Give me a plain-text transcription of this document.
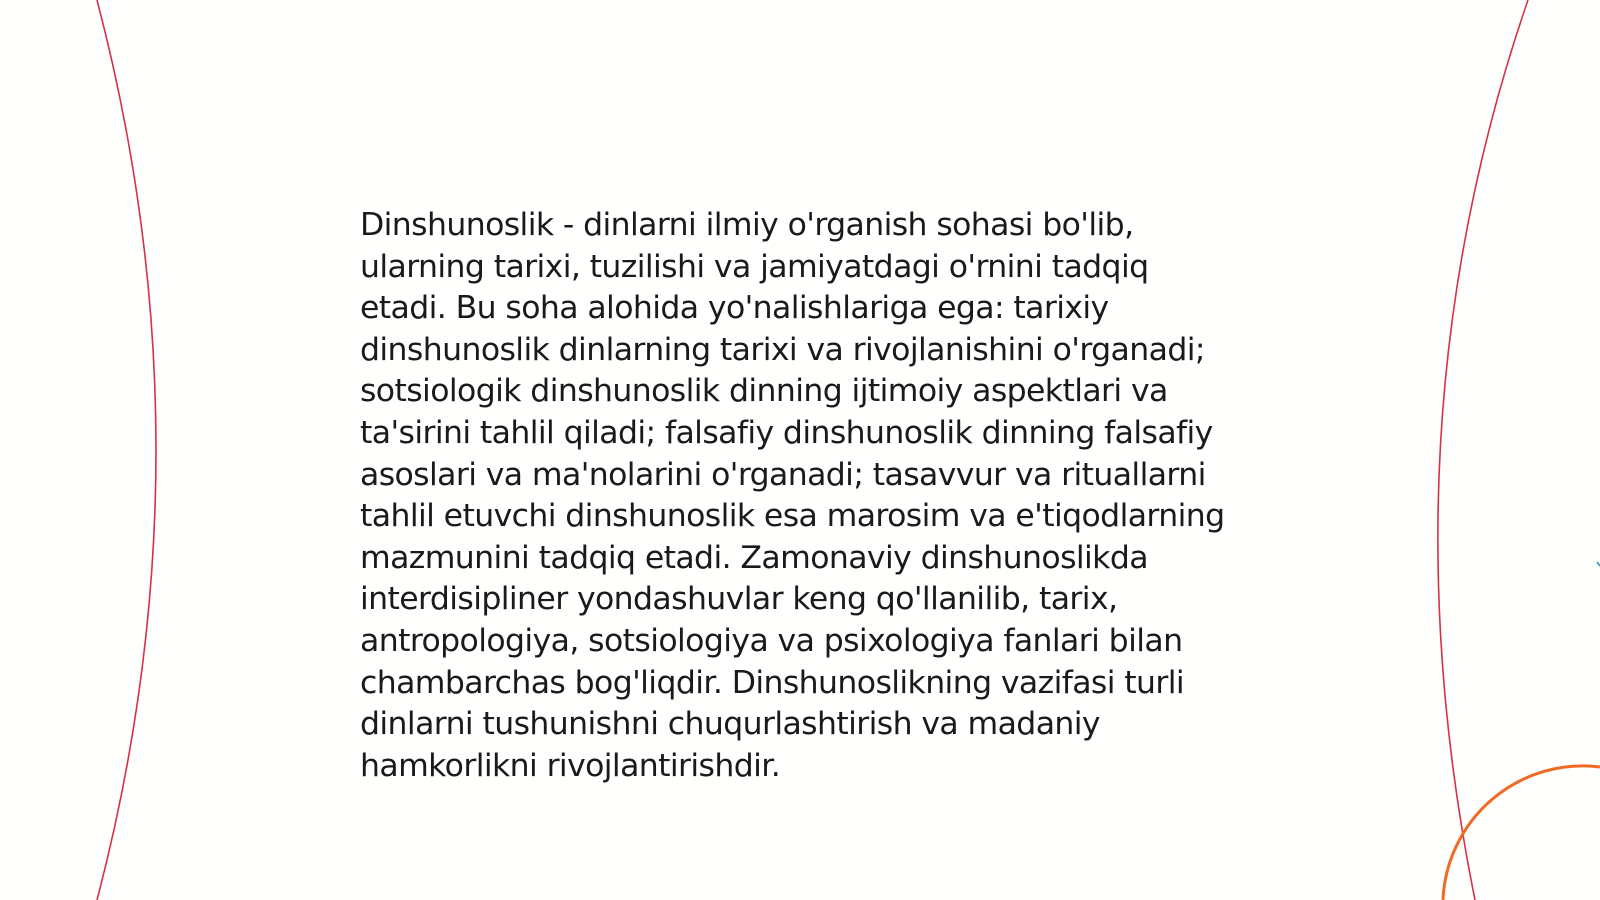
Dinshunoslik - dinlarni ilmiy o'rganish sohasi bo'lib, ularning tarixi, tuzilishi va jamiyatdagi o'rnini tadqiq etadi. Bu soha alohida yo'nalishlariga ega: tarixiy dinshunoslik dinlarning tarixi va rivojlanishini o'rganadi; sotsiologik dinshunoslik dinning ijtimoiy aspektlari va ta'sirini tahlil qiladi; falsafiy dinshunoslik dinning falsafiy asoslari va ma'nolarini o'rganadi; tasavvur va rituallarni tahlil etuvchi dinshunoslik esa marosim va e'tiqodlarning mazmunini tadqiq etadi. Zamonaviy dinshunoslikda interdisipliner yondashuvlar keng qo'llanilib, tarix, antropologiya, sotsiologiya va psixologiya fanlari bilan chambarchas bog'liqdir. Dinshunoslikning vazifasi turli dinlarni tushunishni chuqurlashtirish va madaniy hamkorlikni rivojlantirishdir.
